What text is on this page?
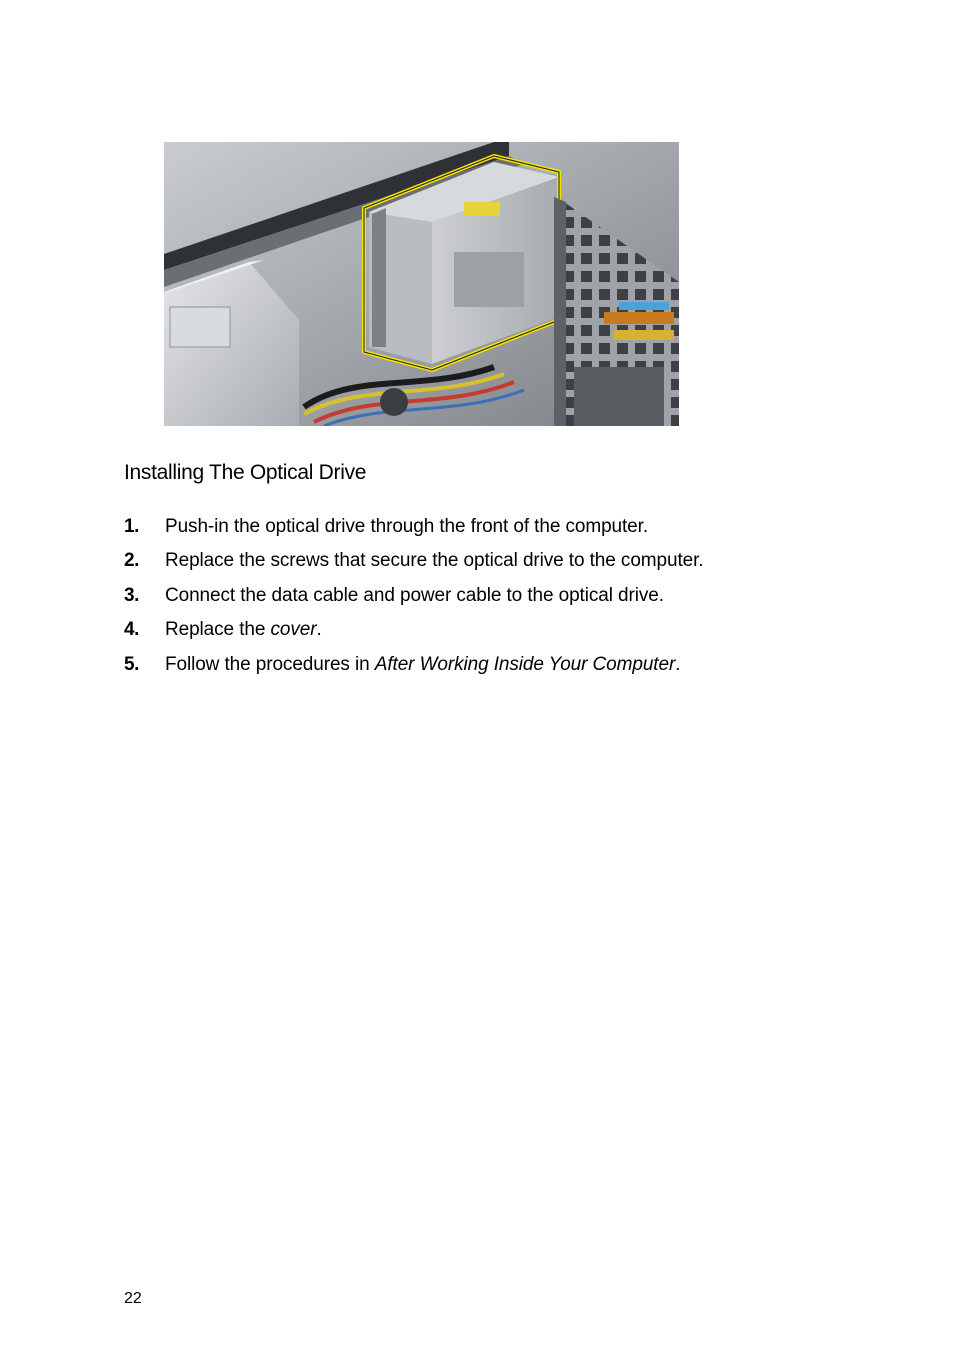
Installing The Optical Drive
1. Push-in the optical drive through the front of the computer.
2. Replace the screws that secure the optical drive to the computer.
3. Connect the data cable and power cable to the optical drive.
4. Replace the cover.
5. Follow the procedures in After Working Inside Your Computer.
22
